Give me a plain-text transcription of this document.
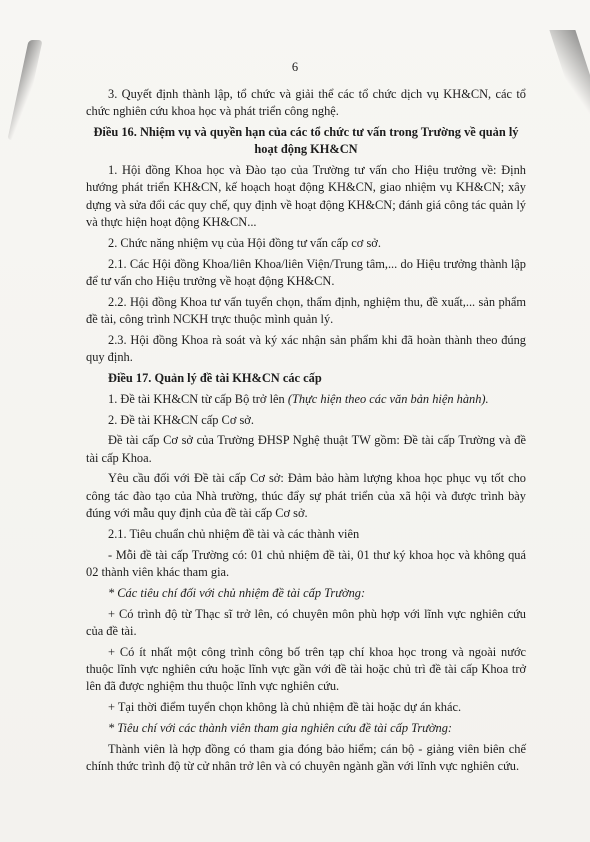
6

3. Quyết định thành lập, tổ chức và giải thể các tổ chức dịch vụ KH&CN, các tổ chức nghiên cứu khoa học và phát triển công nghệ.

Điều 16. Nhiệm vụ và quyền hạn của các tổ chức tư vấn trong Trường về quản lý hoạt động KH&CN

1. Hội đồng Khoa học và Đào tạo của Trường tư vấn cho Hiệu trưởng về: Định hướng phát triển KH&CN, kế hoạch hoạt động KH&CN, giao nhiệm vụ KH&CN; xây dựng và sửa đổi các quy chế, quy định về hoạt động KH&CN; đánh giá công tác quản lý và thực hiện hoạt động KH&CN...

2. Chức năng nhiệm vụ của Hội đồng tư vấn cấp cơ sở.

2.1. Các Hội đồng Khoa/liên Khoa/liên Viện/Trung tâm,... do Hiệu trưởng thành lập để tư vấn cho Hiệu trưởng về hoạt động KH&CN.

2.2. Hội đồng Khoa tư vấn tuyển chọn, thẩm định, nghiệm thu, đề xuất,... sản phẩm đề tài, công trình NCKH trực thuộc mình quản lý.

2.3. Hội đồng Khoa rà soát và ký xác nhận sản phẩm khi đã hoàn thành theo đúng quy định.

Điều 17. Quản lý đề tài KH&CN các cấp

1. Đề tài KH&CN từ cấp Bộ trở lên (Thực hiện theo các văn bản hiện hành).

2. Đề tài KH&CN cấp Cơ sở.

Đề tài cấp Cơ sở của Trường ĐHSP Nghệ thuật TW gồm: Đề tài cấp Trường và đề tài cấp Khoa.

Yêu cầu đối với Đề tài cấp Cơ sở: Đảm bảo hàm lượng khoa học phục vụ tốt cho công tác đào tạo của Nhà trường, thúc đẩy sự phát triển của xã hội và được trình bày đúng với mẫu quy định của đề tài cấp Cơ sở.

2.1. Tiêu chuẩn chủ nhiệm đề tài và các thành viên

- Mỗi đề tài cấp Trường có: 01 chủ nhiệm đề tài, 01 thư ký khoa học và không quá 02 thành viên khác tham gia.

* Các tiêu chí đối với chủ nhiệm đề tài cấp Trường:

+ Có trình độ từ Thạc sĩ trở lên, có chuyên môn phù hợp với lĩnh vực nghiên cứu của đề tài.

+ Có ít nhất một công trình công bố trên tạp chí khoa học trong và ngoài nước thuộc lĩnh vực nghiên cứu hoặc lĩnh vực gần với đề tài hoặc chủ trì đề tài cấp Khoa trở lên đã được nghiệm thu thuộc lĩnh vực nghiên cứu.

+ Tại thời điểm tuyển chọn không là chủ nhiệm đề tài hoặc dự án khác.

* Tiêu chí với các thành viên tham gia nghiên cứu đề tài cấp Trường:

Thành viên là hợp đồng có tham gia đóng bảo hiểm; cán bộ - giảng viên biên chế chính thức trình độ từ cử nhân trở lên và có chuyên ngành gần với lĩnh vực nghiên cứu.
